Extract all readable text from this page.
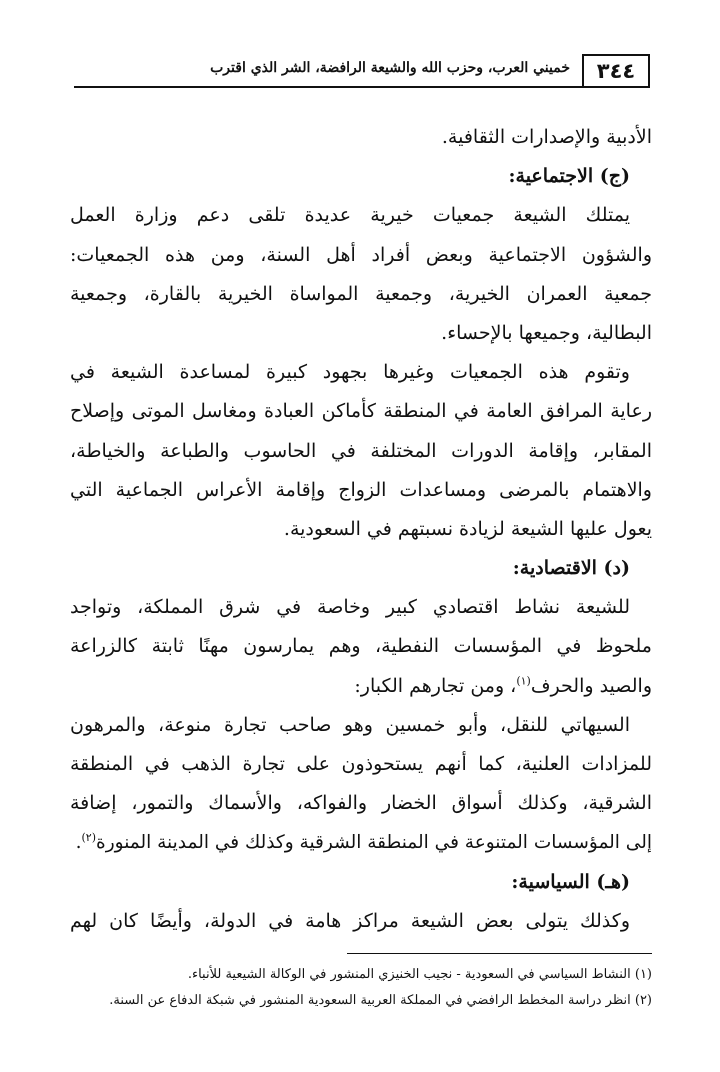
٣٤٤
خميني العرب، وحزب الله والشيعة الرافضة، الشر الذي اقترب
الأدبية والإصدارات الثقافية.
(ج) الاجتماعية:
يمتلك الشيعة جمعيات خيرية عديدة تلقى دعم وزارة العمل
والشؤون الاجتماعية وبعض أفراد أهل السنة، ومن هذه الجمعيات:
جمعية العمران الخيرية، وجمعية المواساة الخيرية بالقارة، وجمعية
البطالية، وجميعها بالإحساء.
وتقوم هذه الجمعيات وغيرها بجهود كبيرة لمساعدة الشيعة في
رعاية المرافق العامة في المنطقة كأماكن العبادة ومغاسل الموتى وإصلاح
المقابر، وإقامة الدورات المختلفة في الحاسوب والطباعة والخياطة،
والاهتمام بالمرضى ومساعدات الزواج وإقامة الأعراس الجماعية التي
يعول عليها الشيعة لزيادة نسبتهم في السعودية.
(د) الاقتصادية:
للشيعة نشاط اقتصادي كبير وخاصة في شرق المملكة، وتواجد
ملحوظ في المؤسسات النفطية، وهم يمارسون مهنًا ثابتة كالزراعة
والصيد والحرف$^{(١)}$، ومن تجارهم الكبار:
السيهاتي للنقل، وأبو خمسين وهو صاحب تجارة منوعة، والمرهون
للمزادات العلنية، كما أنهم يستحوذون على تجارة الذهب في المنطقة
الشرقية، وكذلك أسواق الخضار والفواكه، والأسماك والتمور، إضافة
إلى المؤسسات المتنوعة في المنطقة الشرقية وكذلك في المدينة المنورة$^{(٢)}$.
(هـ) السياسية:
وكذلك يتولى بعض الشيعة مراكز هامة في الدولة، وأيضًا كان لهم
(١) النشاط السياسي في السعودية - نجيب الخنيزي المنشور في الوكالة الشيعية للأنباء.
(٢) انظر دراسة المخطط الرافضي في المملكة العربية السعودية المنشور في شبكة الدفاع عن السنة.
